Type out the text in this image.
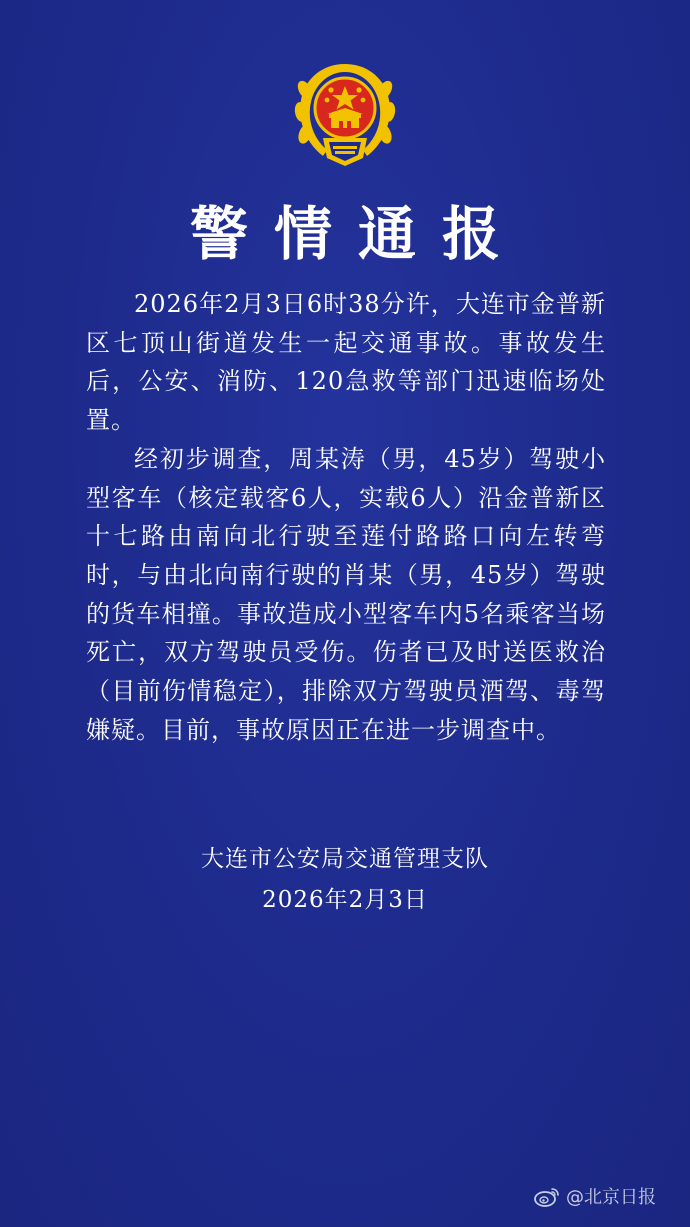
警情通报

2026年2月3日6时38分许，大连市金普新区七顶山街道发生一起交通事故。事故发生后，公安、消防、120急救等部门迅速临场处置。

经初步调查，周某涛（男，45岁）驾驶小型客车（核定载客6人，实载6人）沿金普新区十七路由南向北行驶至莲付路路口向左转弯时，与由北向南行驶的肖某（男，45岁）驾驶的货车相撞。事故造成小型客车内5名乘客当场死亡，双方驾驶员受伤。伤者已及时送医救治（目前伤情稳定），排除双方驾驶员酒驾、毒驾嫌疑。目前，事故原因正在进一步调查中。

大连市公安局交通管理支队
2026年2月3日
@北京日报
